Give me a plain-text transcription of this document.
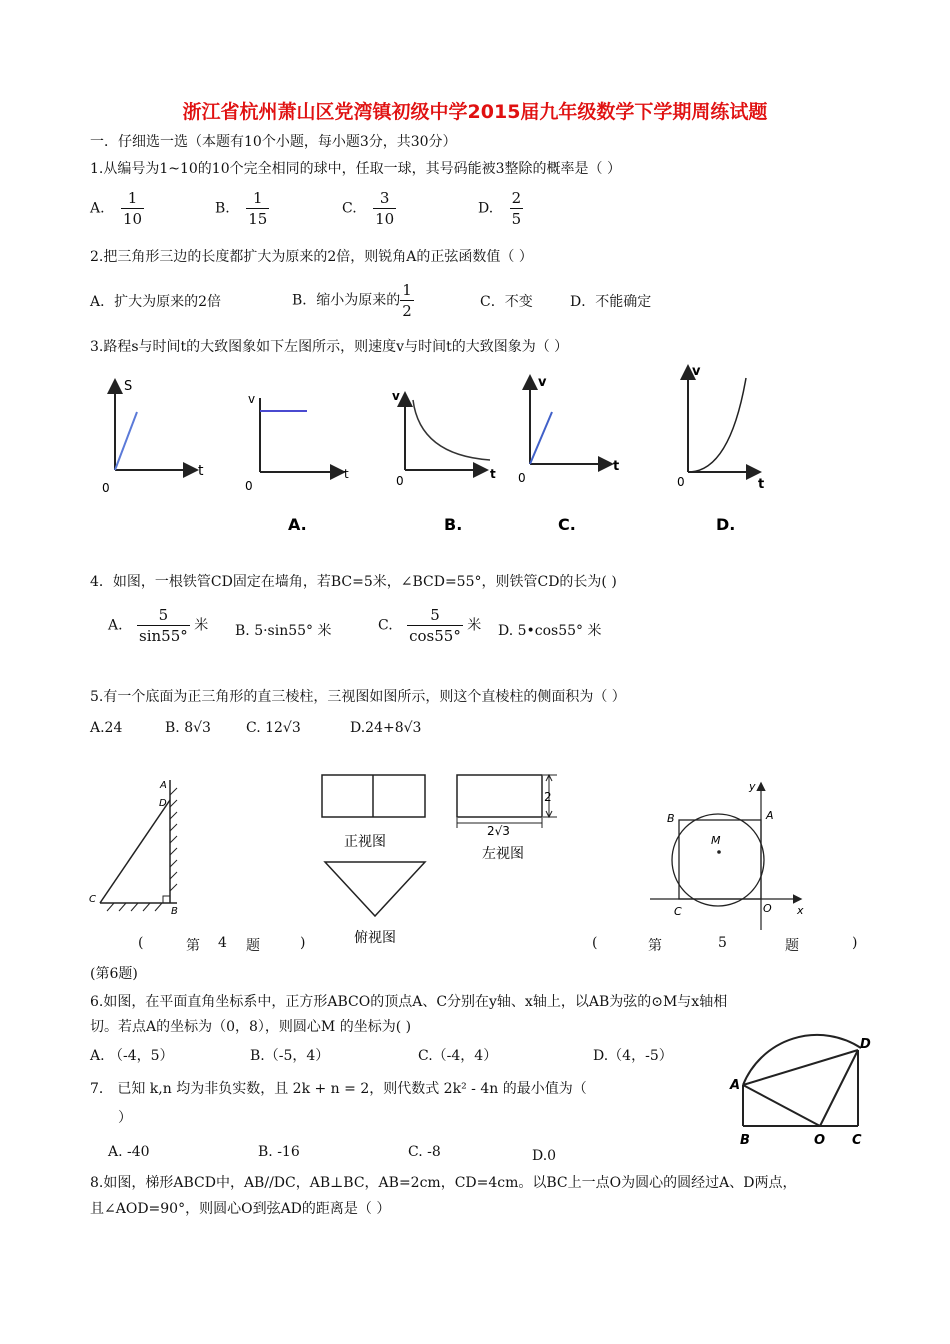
浙江省杭州萧山区党湾镇初级中学2015届九年级数学下学期周练试题
一．仔细选一选（本题有10个小题，每小题3分，共30分）
1.从编号为1~10的10个完全相同的球中，任取一球，其号码能被3整除的概率是（ ）
A. $\frac{1}{10}$	B. $\frac{1}{15}$	C. $\frac{3}{10}$	D. $\frac{2}{5}$
2.把三角形三边的长度都扩大为原来的2倍，则锐角A的正弦函数值（ ）
A．扩大为原来的2倍	B．缩小为原来的 $\frac{1}{2}$	C．不变	D．不能确定
3.路程s与时间t的大致图象如下左图所示，则速度v与时间t的大致图象为（ ）
S
t
0
v
t
0
v
t
0
v
t
0
v
t
0
A.	B.	C.	D.
4．如图，一根铁管CD固定在墙角，若BC=5米，∠BCD=55°，则铁管CD的长为( )
A. $\frac{5}{\sin 55^\circ}$ 米 B. 5·sin55° 米	C. $\frac{5}{\cos 55^\circ}$ 米 D. 5•cos55° 米
5.有一个底面为正三角形的直三棱柱，三视图如图所示，则这个直棱柱的侧面积为（ ）
A.24	B. 8√3	C. 12√3	D.24+8√3
A
D
C
B
正视图
2
2√3
左视图
俯视图
M
B	A
C	O x
y
(	第 4 题	)	(	第	5	题	)
(第6题)
6.如图，在平面直角坐标系中，正方形ABCO的顶点A、C分别在y轴、x轴上，以AB为弦的⊙M与x轴相
切。若点A的坐标为（0，8），则圆心M 的坐标为( )
A. （-4，5）	B.（-5，4）	C.（-4，4）	D.（4，-5）
7． 已知 k,n 均为非负实数，且 2k + n = 2，则代数式 2k² - 4n 的最小值为（
）
A. -40	B. -16	C. -8	D.0
A
B	O C
D
8.如图，梯形ABCD中，AB//DC，AB⊥BC，AB=2cm，CD=4cm。以BC上一点O为圆心的圆经过A、D两点，
且∠AOD=90°，则圆心O到弦AD的距离是（ ）
